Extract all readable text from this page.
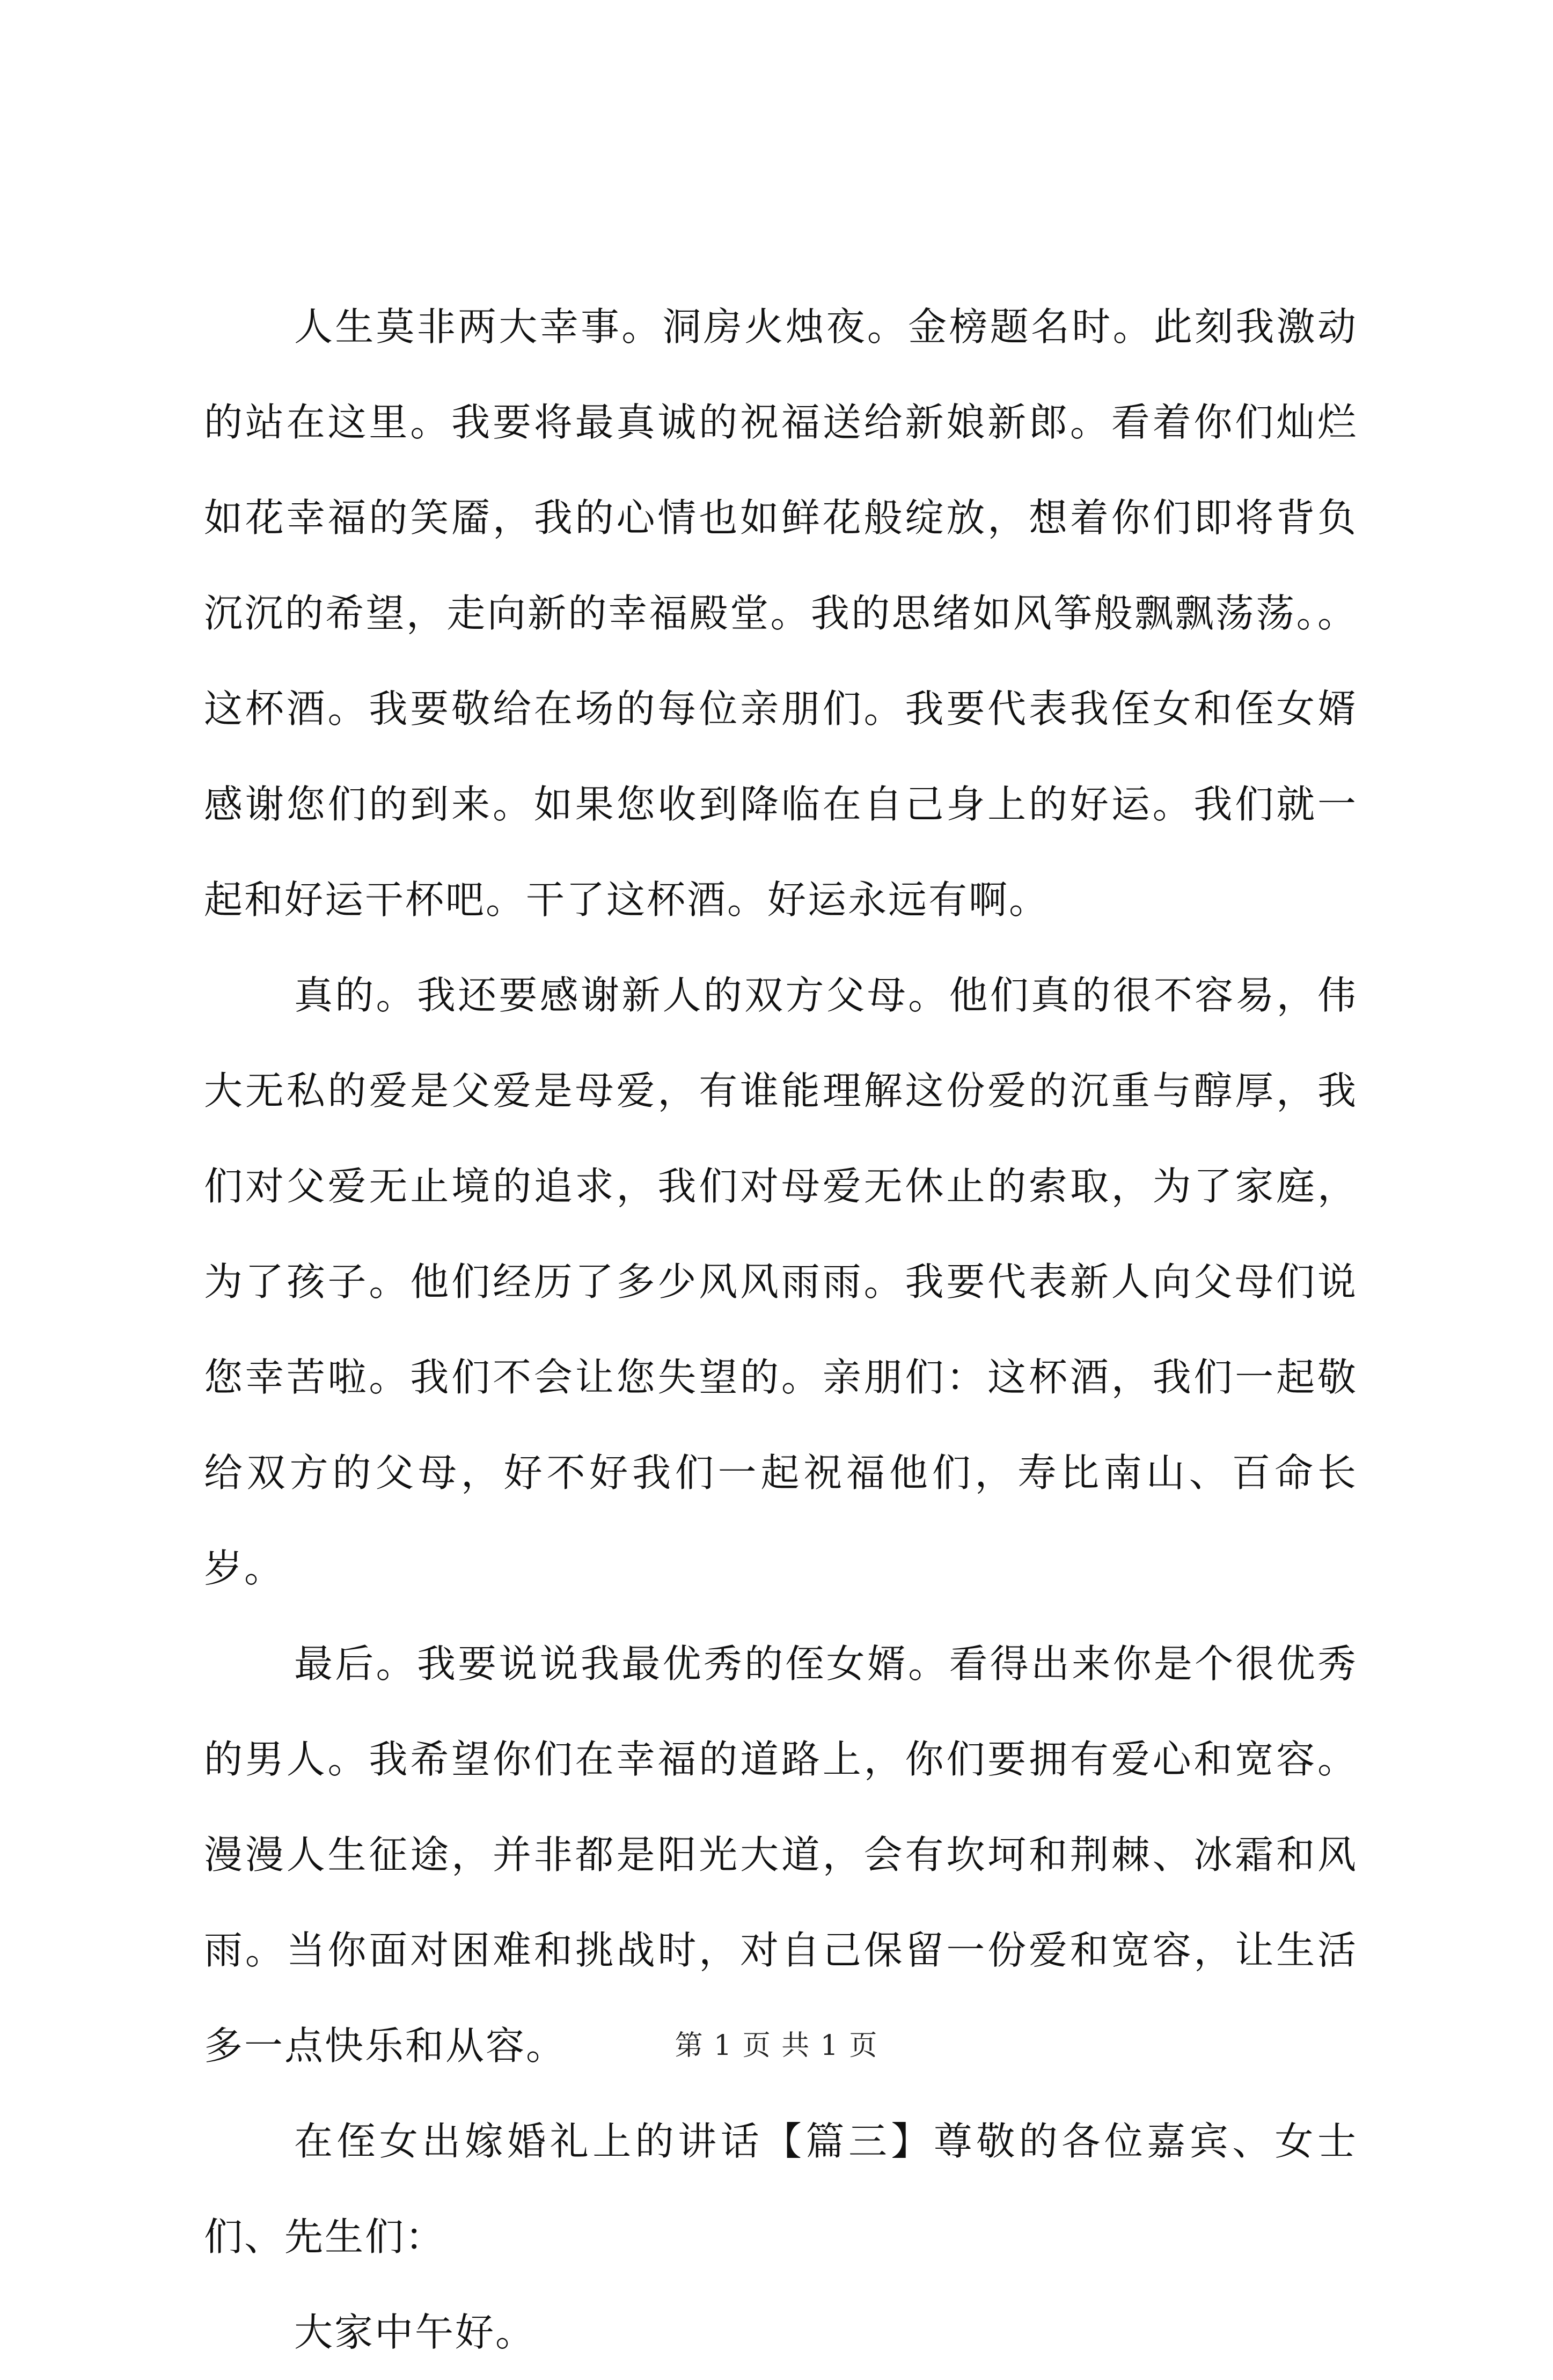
人生莫非两大幸事。洞房火烛夜。金榜题名时。此刻我激动的站在这里。我要将最真诚的祝福送给新娘新郎。看着你们灿烂如花幸福的笑靥，我的心情也如鲜花般绽放，想着你们即将背负沉沉的希望，走向新的幸福殿堂。我的思绪如风筝般飘飘荡荡。。这杯酒。我要敬给在场的每位亲朋们。我要代表我侄女和侄女婿感谢您们的到来。如果您收到降临在自己身上的好运。我们就一起和好运干杯吧。干了这杯酒。好运永远有啊。

真的。我还要感谢新人的双方父母。他们真的很不容易，伟大无私的爱是父爱是母爱，有谁能理解这份爱的沉重与醇厚，我们对父爱无止境的追求，我们对母爱无休止的索取，为了家庭，为了孩子。他们经历了多少风风雨雨。我要代表新人向父母们说您幸苦啦。我们不会让您失望的。亲朋们：这杯酒，我们一起敬给双方的父母，好不好我们一起祝福他们，寿比南山、百命长岁。

最后。我要说说我最优秀的侄女婿。看得出来你是个很优秀的男人。我希望你们在幸福的道路上，你们要拥有爱心和宽容。漫漫人生征途，并非都是阳光大道，会有坎坷和荆棘、冰霜和风雨。当你面对困难和挑战时，对自己保留一份爱和宽容，让生活多一点快乐和从容。

在侄女出嫁婚礼上的讲话【篇三】尊敬的各位嘉宾、女士们、先生们：

大家中午好。

第 1 页 共 1 页
